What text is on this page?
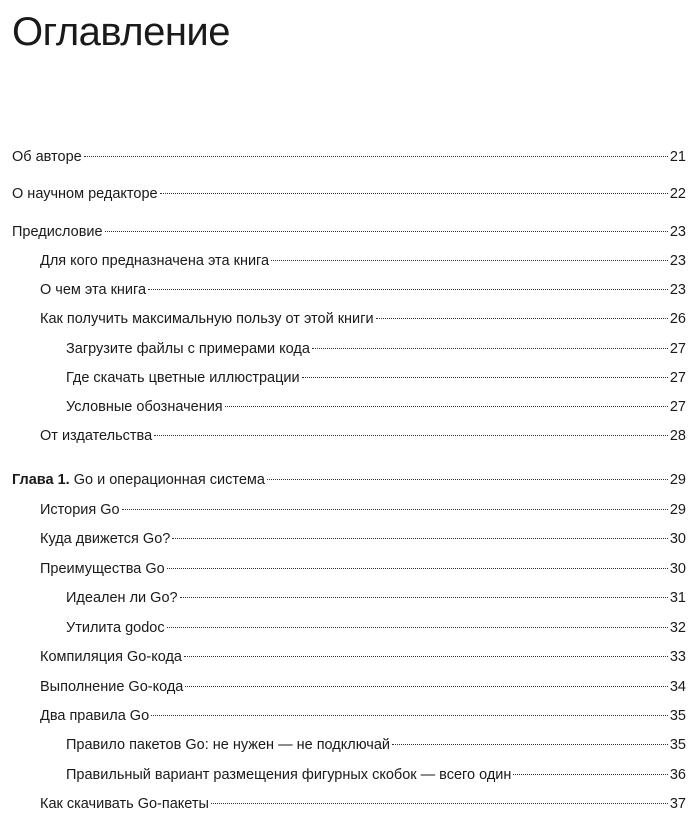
Оглавление
Об авторе	21
О научном редакторе	22
Предисловие	23
Для кого предназначена эта книга	23
О чем эта книга	23
Как получить максимальную пользу от этой книги	26
Загрузите файлы с примерами кода	27
Где скачать цветные иллюстрации	27
Условные обозначения	27
От издательства	28
Глава 1. Go и операционная система	29
История Go	29
Куда движется Go?	30
Преимущества Go	30
Идеален ли Go?	31
Утилита godoc	32
Компиляция Go-кода	33
Выполнение Go-кода	34
Два правила Go	35
Правило пакетов Go: не нужен — не подключай	35
Правильный вариант размещения фигурных скобок — всего один	36
Как скачивать Go-пакеты	37
